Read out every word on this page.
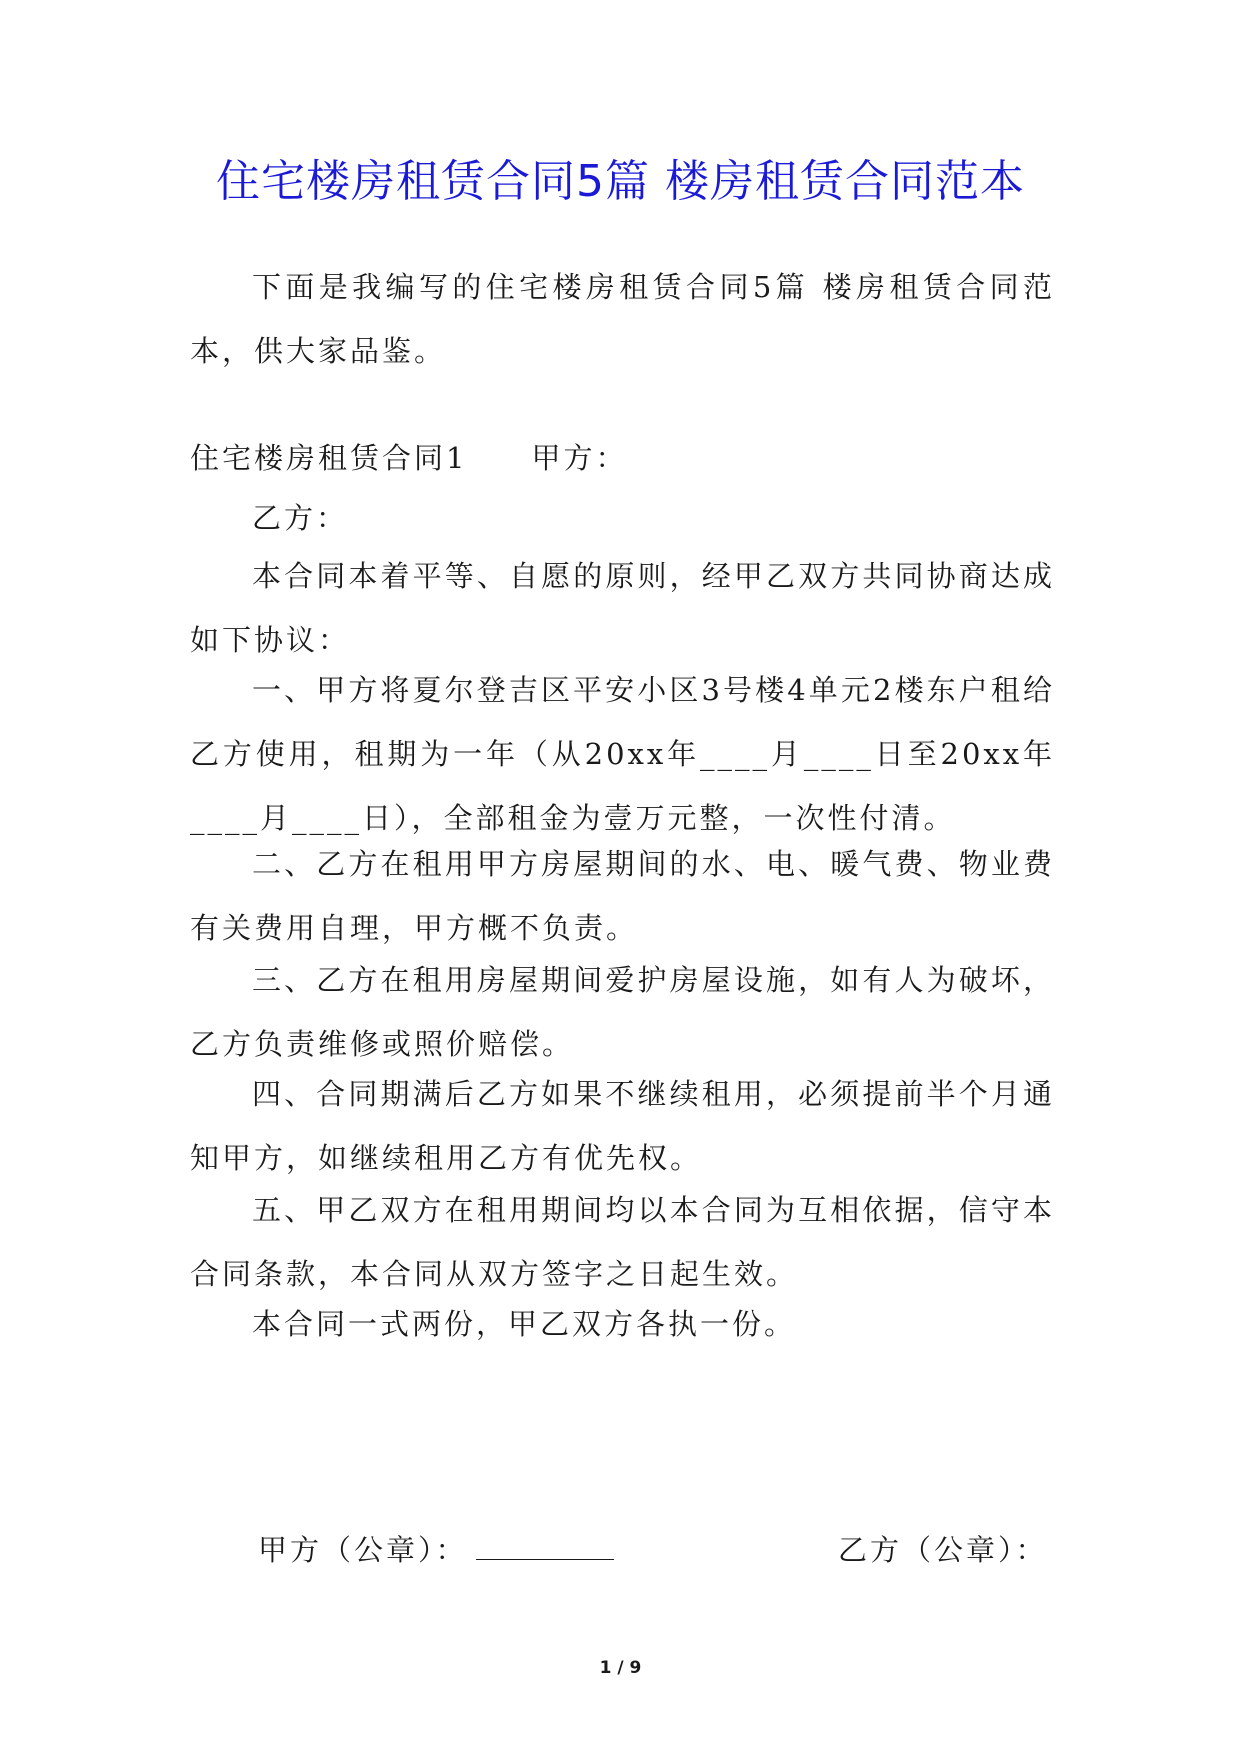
住宅楼房租赁合同5篇 楼房租赁合同范本

下面是我编写的住宅楼房租赁合同5篇 楼房租赁合同范本，供大家品鉴。

住宅楼房租赁合同1　　甲方：

乙方：

本合同本着平等、自愿的原则，经甲乙双方共同协商达成如下协议：

一、甲方将夏尔登吉区平安小区3号楼4单元2楼东户租给乙方使用，租期为一年（从20xx年____月____日至20xx年____月____日），全部租金为壹万元整，一次性付清。

二、乙方在租用甲方房屋期间的水、电、暖气费、物业费有关费用自理，甲方概不负责。

三、乙方在租用房屋期间爱护房屋设施，如有人为破坏，乙方负责维修或照价赔偿。

四、合同期满后乙方如果不继续租用，必须提前半个月通知甲方，如继续租用乙方有优先权。

五、甲乙双方在租用期间均以本合同为互相依据，信守本合同条款，本合同从双方签字之日起生效。

本合同一式两份，甲乙双方各执一份。

甲方（公章）：	乙方（公章）：
1 / 9
